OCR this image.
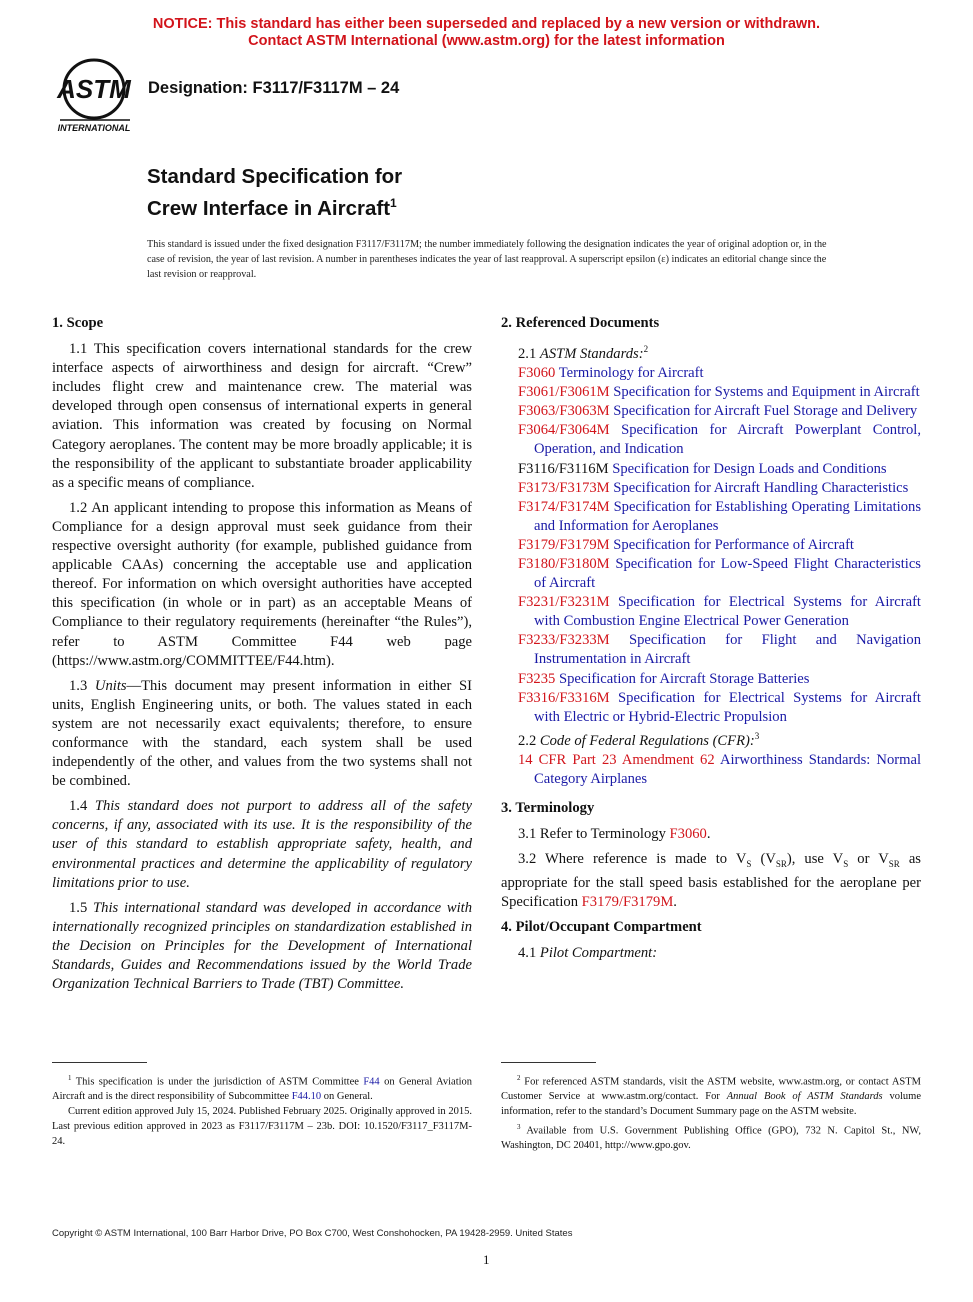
NOTICE: This standard has either been superseded and replaced by a new version or withdrawn.
Contact ASTM International (www.astm.org) for the latest information
ASTM
INTERNATIONAL
Designation: F3117/F3117M – 24
Standard Specification for
Crew Interface in Aircraft$^1$
This standard is issued under the fixed designation F3117/F3117M; the number immediately following the designation indicates the year of original adoption or, in the case of revision, the year of last revision. A number in parentheses indicates the year of last reapproval. A superscript epsilon (ε) indicates an editorial change since the last revision or reapproval.
1. Scope

1.1 This specification covers international standards for the crew interface aspects of airworthiness and design for aircraft. “Crew” includes flight crew and maintenance crew. The material was developed through open consensus of international experts in general aviation. This information was created by focusing on Normal Category aeroplanes. The content may be more broadly applicable; it is the responsibility of the applicant to substantiate broader applicability as a specific means of compliance.

1.2 An applicant intending to propose this information as Means of Compliance for a design approval must seek guidance from their respective oversight authority (for example, published guidance from applicable CAAs) concerning the acceptable use and application thereof. For information on which oversight authorities have accepted this specification (in whole or in part) as an acceptable Means of Compliance to their regulatory requirements (hereinafter “the Rules”), refer to ASTM Committee F44 web page (https://www.astm.org/COMMITTEE/F44.htm).

1.3 Units—This document may present information in either SI units, English Engineering units, or both. The values stated in each system are not necessarily exact equivalents; therefore, to ensure conformance with the standard, each system shall be used independently of the other, and values from the two systems shall not be combined.

1.4 This standard does not purport to address all of the safety concerns, if any, associated with its use. It is the responsibility of the user of this standard to establish appropriate safety, health, and environmental practices and determine the applicability of regulatory limitations prior to use.

1.5 This international standard was developed in accordance with internationally recognized principles on standardization established in the Decision on Principles for the Development of International Standards, Guides and Recommendations issued by the World Trade Organization Technical Barriers to Trade (TBT) Committee.

2. Referenced Documents

2.1 ASTM Standards:$^2$

F3060 Terminology for Aircraft
F3061/F3061M Specification for Systems and Equipment in Aircraft
F3063/F3063M Specification for Aircraft Fuel Storage and Delivery
F3064/F3064M Specification for Aircraft Powerplant Control, Operation, and Indication
F3116/F3116M Specification for Design Loads and Conditions
F3173/F3173M Specification for Aircraft Handling Characteristics
F3174/F3174M Specification for Establishing Operating Limitations and Information for Aeroplanes
F3179/F3179M Specification for Performance of Aircraft
F3180/F3180M Specification for Low-Speed Flight Characteristics of Aircraft
F3231/F3231M Specification for Electrical Systems for Aircraft with Combustion Engine Electrical Power Generation
F3233/F3233M Specification for Flight and Navigation Instrumentation in Aircraft
F3235 Specification for Aircraft Storage Batteries
F3316/F3316M Specification for Electrical Systems for Aircraft with Electric or Hybrid-Electric Propulsion

2.2 Code of Federal Regulations (CFR):$^3$

14 CFR Part 23 Amendment 62 Airworthiness Standards: Normal Category Airplanes
3. Terminology

3.1 Refer to Terminology F3060.

3.2 Where reference is made to $V_S$ $(V_{SR})$, use $V_S$ or $V_{SR}$ as appropriate for the stall speed basis established for the aeroplane per Specification F3179/F3179M.

4. Pilot/Occupant Compartment

4.1 Pilot Compartment:

$^1$ This specification is under the jurisdiction of ASTM Committee F44 on General Aviation Aircraft and is the direct responsibility of Subcommittee F44.10 on General.

Current edition approved July 15, 2024. Published February 2025. Originally approved in 2015. Last previous edition approved in 2023 as F3117/F3117M – 23b. DOI: 10.1520/F3117_F3117M-24.

$^2$ For referenced ASTM standards, visit the ASTM website, www.astm.org, or contact ASTM Customer Service at www.astm.org/contact. For Annual Book of ASTM Standards volume information, refer to the standard’s Document Summary page on the ASTM website.

$^3$ Available from U.S. Government Publishing Office (GPO), 732 N. Capitol St., NW, Washington, DC 20401, http://www.gpo.gov.

Copyright © ASTM International, 100 Barr Harbor Drive, PO Box C700, West Conshohocken, PA 19428-2959. United States
1
